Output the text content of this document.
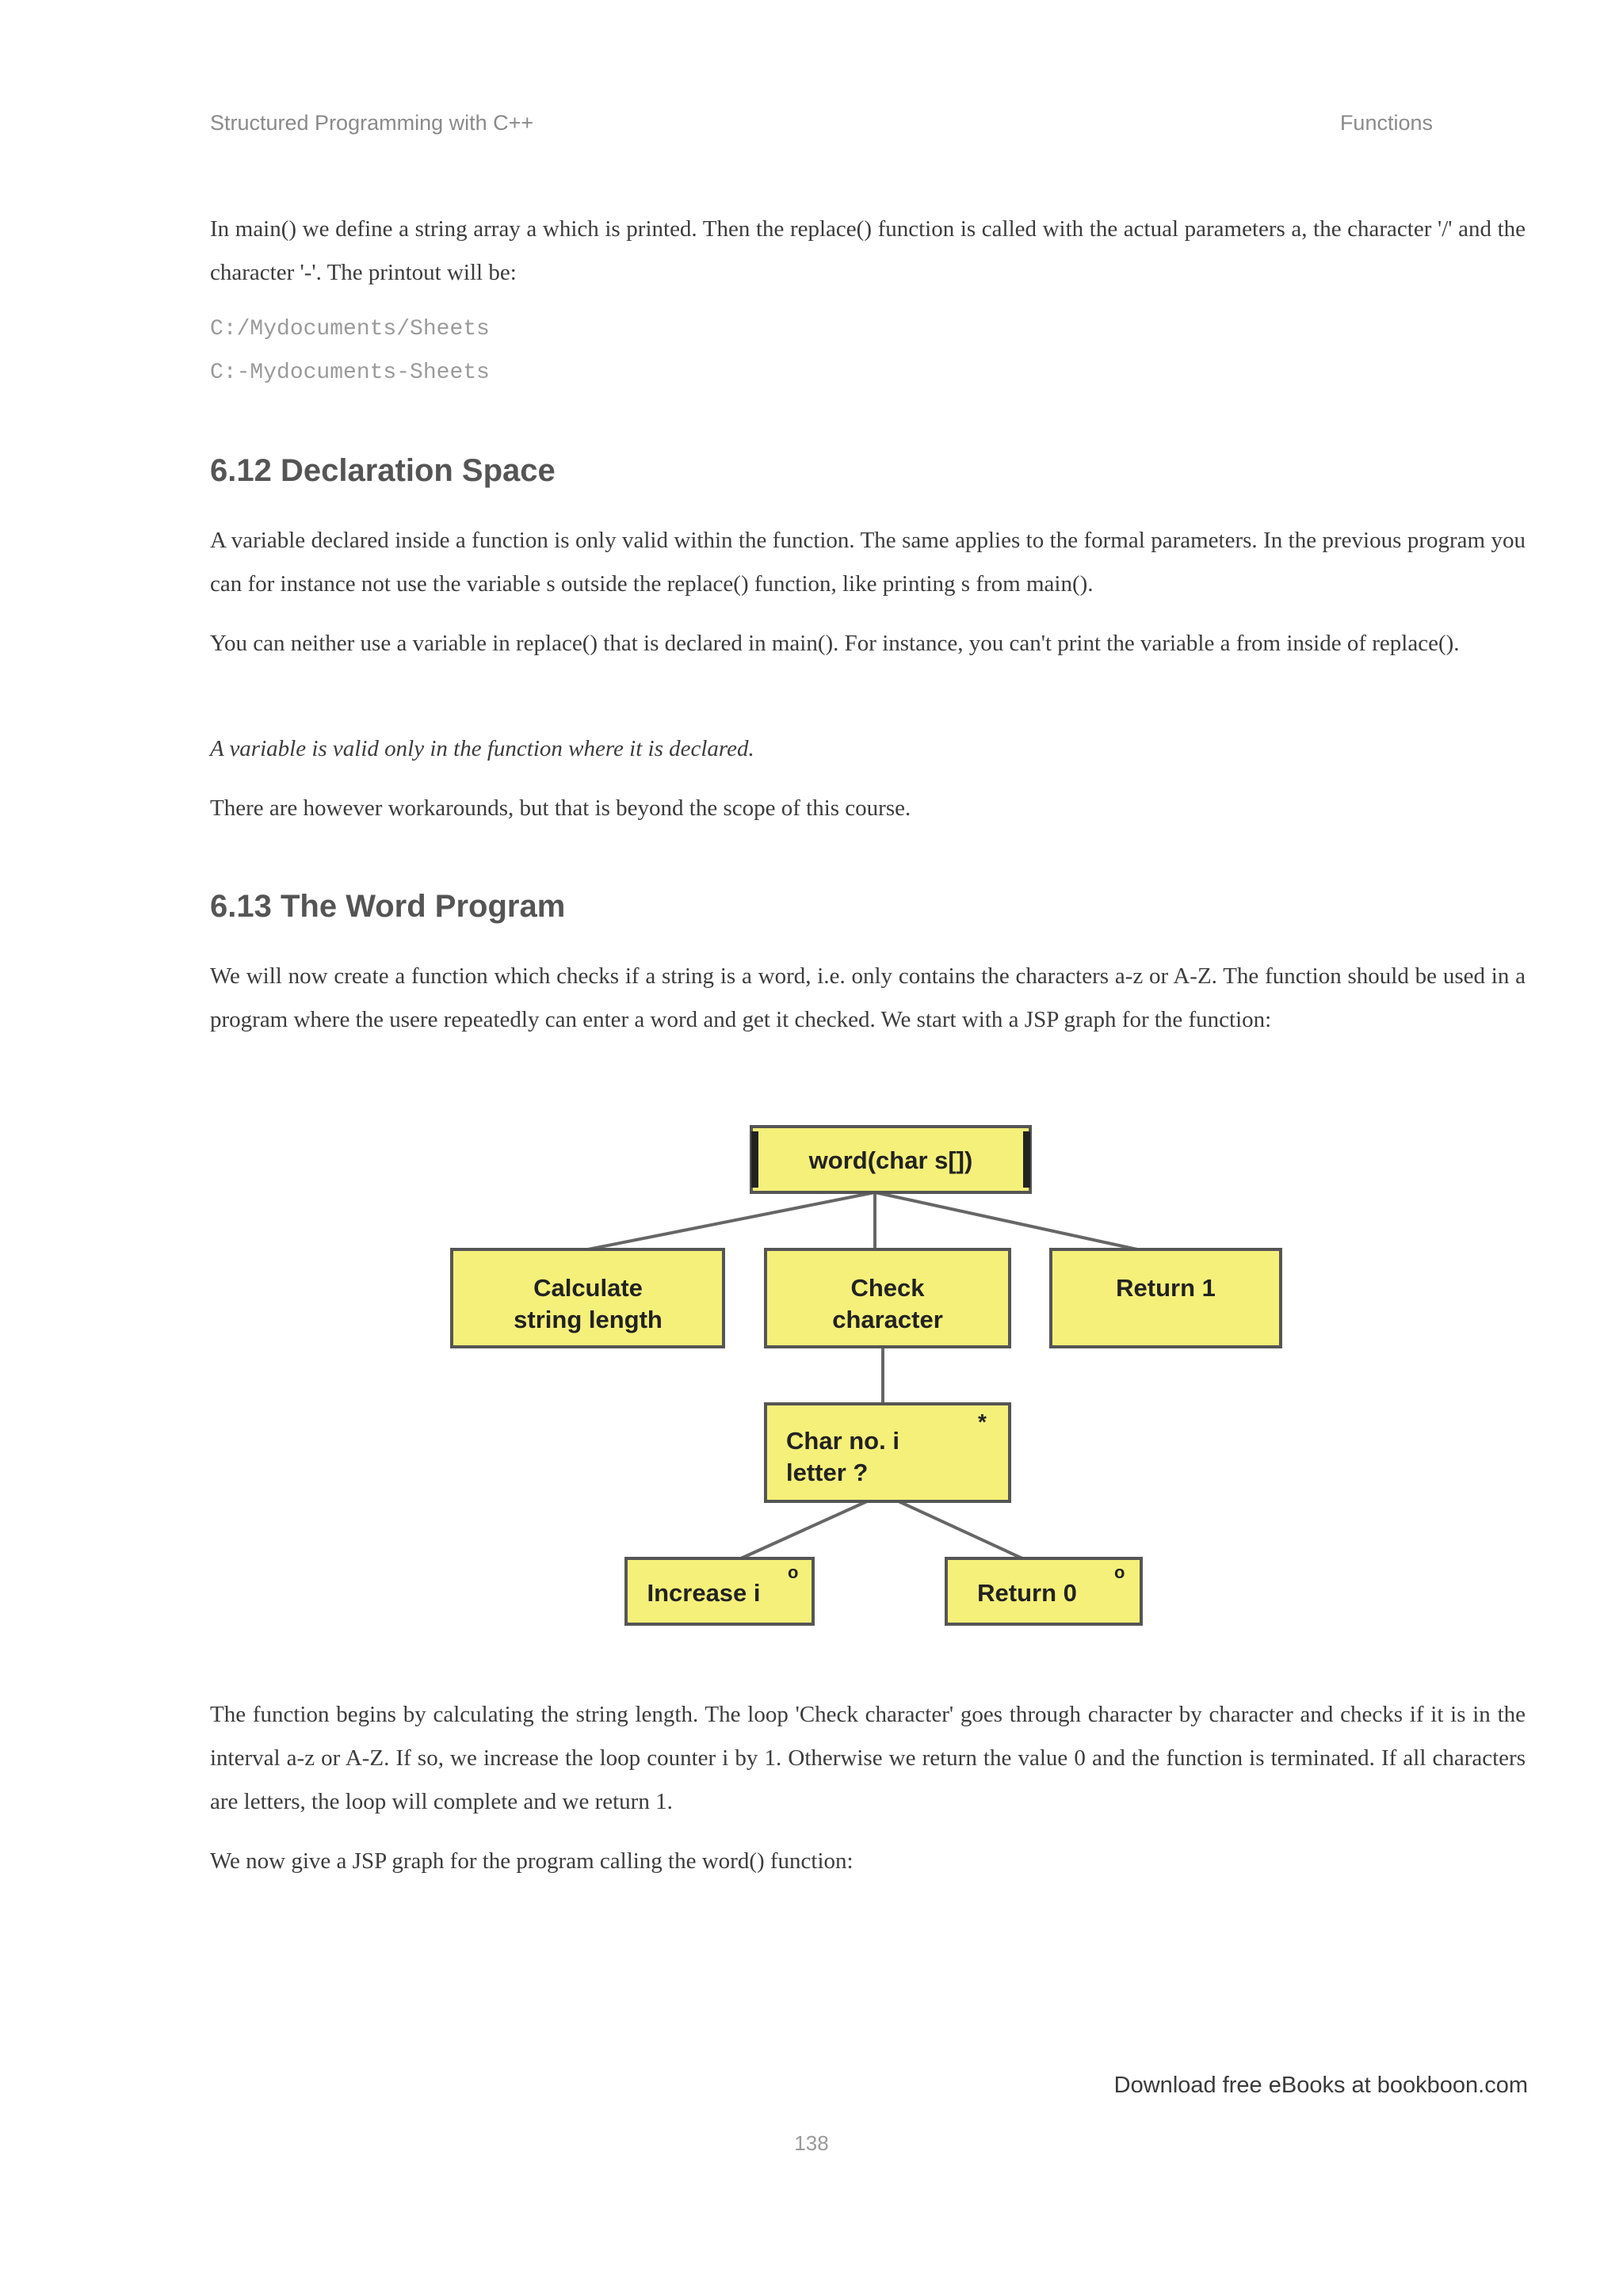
Structured Programming with C++	Functions

In main() we define a string array a which is printed. Then the replace() function is called with the actual parameters a, the character '/' and the character '-'. The printout will be:

C:/Mydocuments/Sheets

C:-Mydocuments-Sheets

6.12 Declaration Space

A variable declared inside a function is only valid within the function. The same applies to the formal parameters. In the previous program you can for instance not use the variable s outside the replace() function, like printing s from main().

You can neither use a variable in replace() that is declared in main(). For instance, you can't print the variable a from inside of replace().

A variable is valid only in the function where it is declared.

There are however workarounds, but that is beyond the scope of this course.

6.13 The Word Program

We will now create a function which checks if a string is a word, i.e. only contains the characters a-z or A-Z. The function should be used in a program where the usere repeatedly can enter a word and get it checked. We start with a JSP graph for the function:

word(char s[])
Calculate
string length
Check
character
Return 1
Char no. i
letter ?
*
Increase i
o
Return 0
o

The function begins by calculating the string length. The loop 'Check character' goes through character by character and checks if it is in the interval a-z or A-Z. If so, we increase the loop counter i by 1. Otherwise we return the value 0 and the function is terminated. If all characters are letters, the loop will complete and we return 1.

We now give a JSP graph for the program calling the word() function:

Download free eBooks at bookboon.com
138
